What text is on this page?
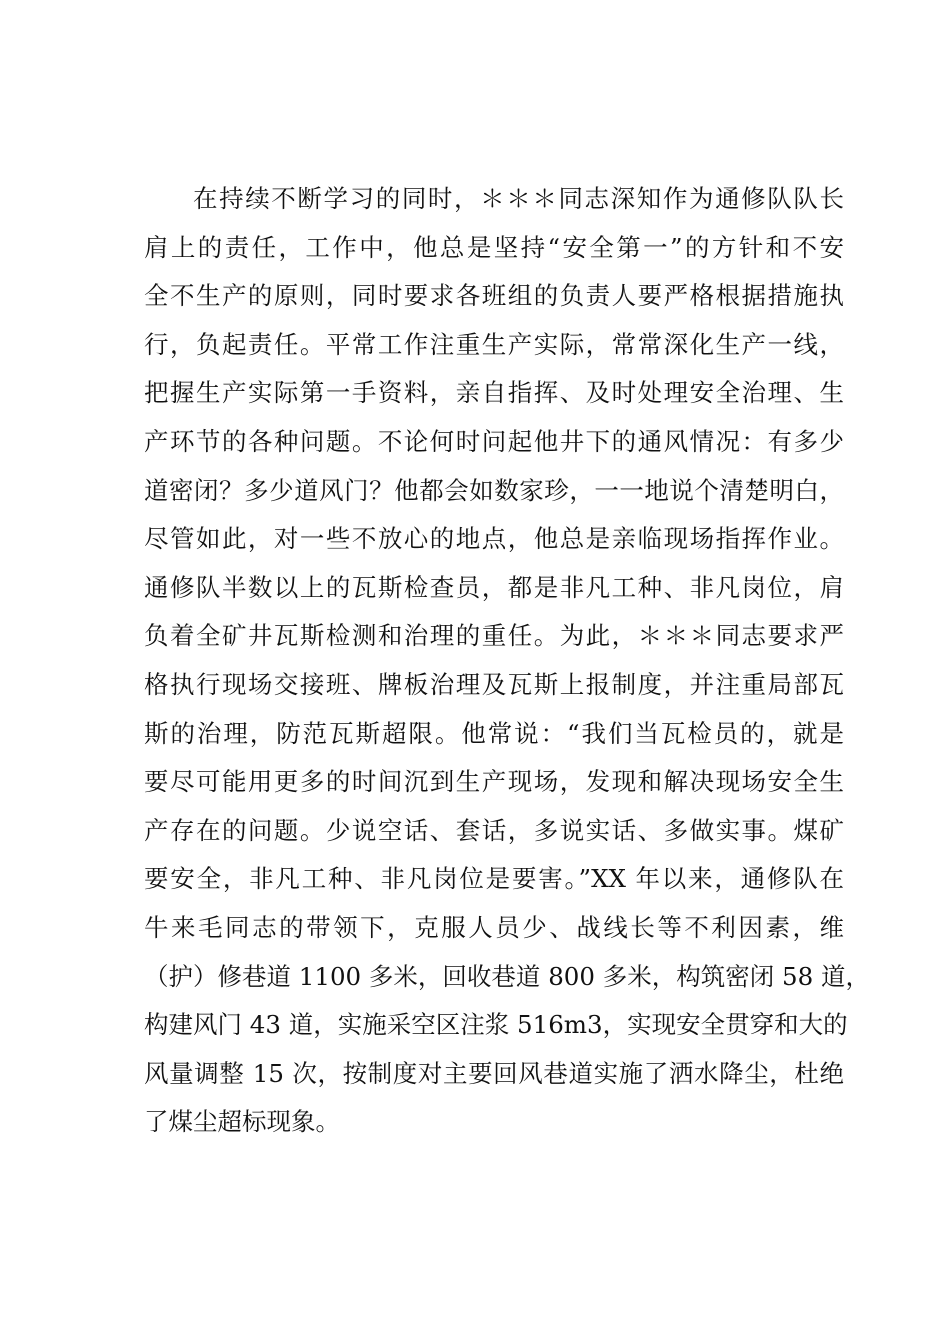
在持续不断学习的同时，＊＊＊同志深知作为通修队队长
肩上的责任，工作中，他总是坚持“安全第一”的方针和不安
全不生产的原则，同时要求各班组的负责人要严格根据措施执
行，负起责任。平常工作注重生产实际，常常深化生产一线，
把握生产实际第一手资料，亲自指挥、及时处理安全治理、生
产环节的各种问题。不论何时问起他井下的通风情况：有多少
道密闭？多少道风门？他都会如数家珍，一一地说个清楚明白，
尽管如此，对一些不放心的地点，他总是亲临现场指挥作业。
通修队半数以上的瓦斯检查员，都是非凡工种、非凡岗位，肩
负着全矿井瓦斯检测和治理的重任。为此，＊＊＊同志要求严
格执行现场交接班、牌板治理及瓦斯上报制度，并注重局部瓦
斯的治理，防范瓦斯超限。他常说：“我们当瓦检员的，就是
要尽可能用更多的时间沉到生产现场，发现和解决现场安全生
产存在的问题。少说空话、套话，多说实话、多做实事。煤矿
要安全，非凡工种、非凡岗位是要害。”XX 年以来，通修队在
牛来毛同志的带领下，克服人员少、战线长等不利因素，维
（护）修巷道 1100 多米，回收巷道 800 多米，构筑密闭 58 道，
构建风门 43 道，实施采空区注浆 516m3，实现安全贯穿和大的
风量调整 15 次，按制度对主要回风巷道实施了洒水降尘，杜绝
了煤尘超标现象。
